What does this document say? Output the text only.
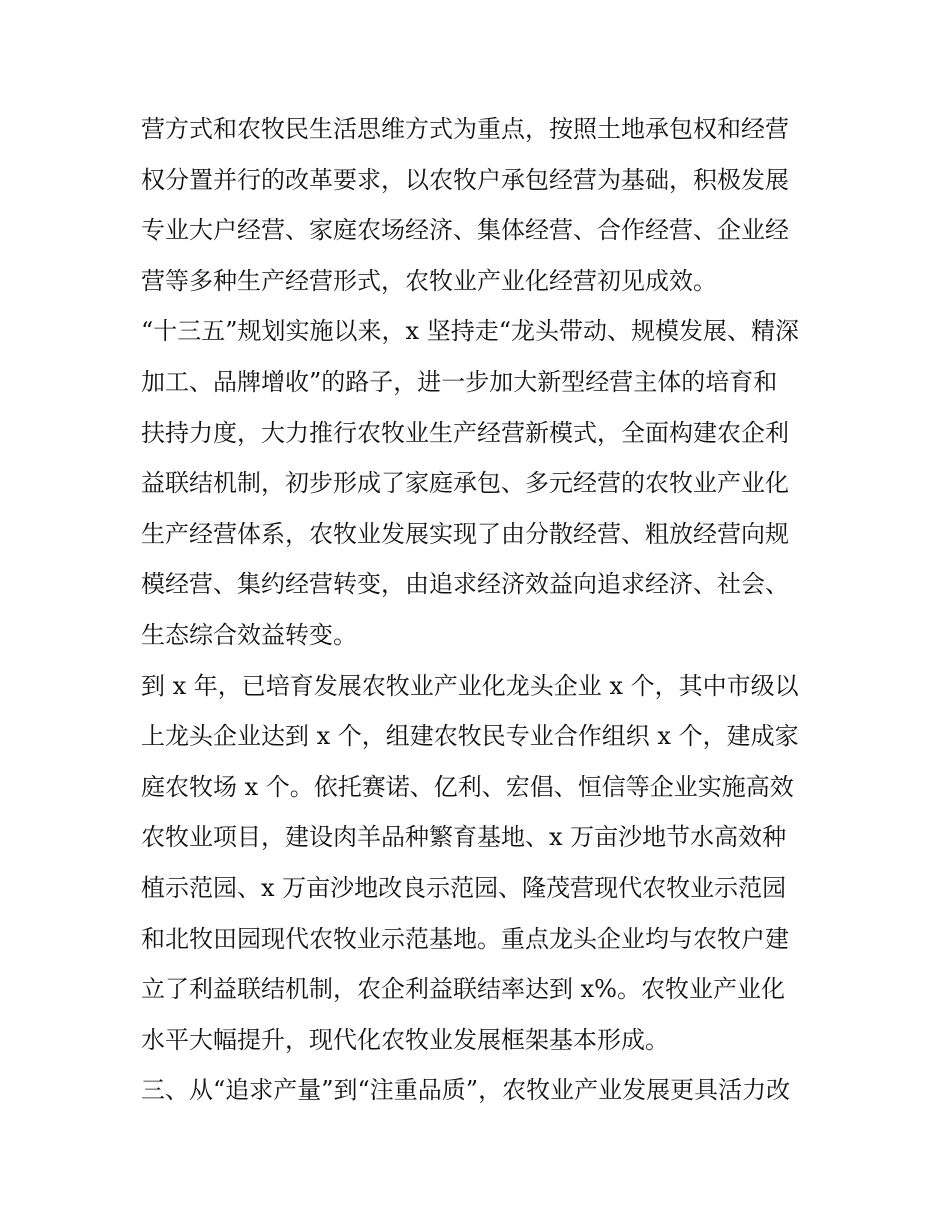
营方式和农牧民生活思维方式为重点，按照土地承包权和经营
权分置并行的改革要求，以农牧户承包经营为基础，积极发展
专业大户经营、家庭农场经济、集体经营、合作经营、企业经
营等多种生产经营形式，农牧业产业化经营初见成效。
“十三五”规划实施以来，x 坚持走“龙头带动、规模发展、精深
加工、品牌增收”的路子，进一步加大新型经营主体的培育和
扶持力度，大力推行农牧业生产经营新模式，全面构建农企利
益联结机制，初步形成了家庭承包、多元经营的农牧业产业化
生产经营体系，农牧业发展实现了由分散经营、粗放经营向规
模经营、集约经营转变，由追求经济效益向追求经济、社会、
生态综合效益转变。
到 x 年，已培育发展农牧业产业化龙头企业 x 个，其中市级以
上龙头企业达到 x 个，组建农牧民专业合作组织 x 个，建成家
庭农牧场 x 个。依托赛诺、亿利、宏倡、恒信等企业实施高效
农牧业项目，建设肉羊品种繁育基地、x 万亩沙地节水高效种
植示范园、x 万亩沙地改良示范园、隆茂营现代农牧业示范园
和北牧田园现代农牧业示范基地。重点龙头企业均与农牧户建
立了利益联结机制，农企利益联结率达到 x%。农牧业产业化
水平大幅提升，现代化农牧业发展框架基本形成。
三、从“追求产量”到“注重品质”，农牧业产业发展更具活力改
